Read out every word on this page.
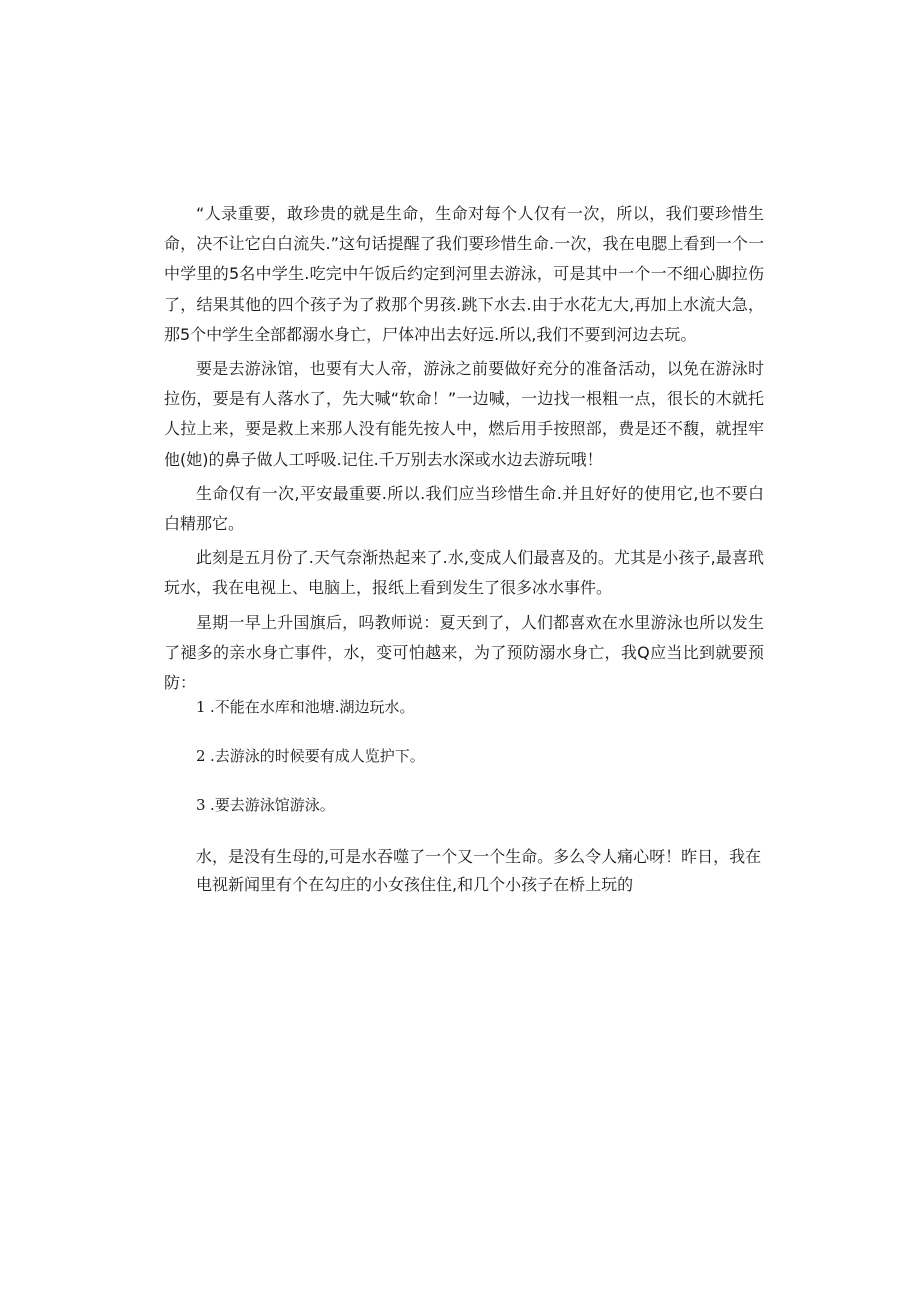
“人录重要，敢珍贵的就是生命，生命对每个人仅有一次，所以，我们要珍惜生命，决不让它白白流失.”这句话提醒了我们要珍惜生命.一次，我在电腮上看到一个一中学里的5名中学生.吃完中午饭后约定到河里去游泳，可是其中一个一不细心脚拉伤了，结果其他的四个孩子为了救那个男孩.跳下水去.由于水花尢大,再加上水流大急，那5个中学生全部都溺水身亡，尸体冲出去好远.所以,我们不要到河边去玩。

要是去游泳馆，也要有大人帝，游泳之前要做好充分的准备活动，以免在游泳时拉伤，要是有人落水了，先大喊“软命！”一边喊，一边找一根粗一点，很长的木就托人拉上来，要是救上来那人没有能先按人中，燃后用手按照部，费是还不馥，就捏牢他(她)的鼻子做人工呼吸.记住.千万别去水深或水边去游玩哦！

生命仅有一次,平安最重要.所以.我们应当珍惜生命.并且好好的使用它,也不要白白精那它。

此刻是五月份了.天气奈渐热起来了.水,变成人们最喜及的。尤其是小孩子,最喜玳玩水，我在电视上、电脑上，报纸上看到发生了很多冰水事件。

星期一早上升国旗后，吗教师说：夏天到了，人们都喜欢在水里游泳也所以发生了褪多的亲水身亡事件，水，变可怕越来，为了预防溺水身亡，我Q应当比到就要预防：

1 .不能在水库和池塘.湖边玩水。
2 .去游泳的时候要有成人览护下。
3 .要去游泳馆游泳。
水，是没有生母的,可是水吞噬了一个又一个生命。多么令人痛心呀！昨日，我在
电视新闻里有个在勾庄的小女孩住住,和几个小孩子在桥上玩的
